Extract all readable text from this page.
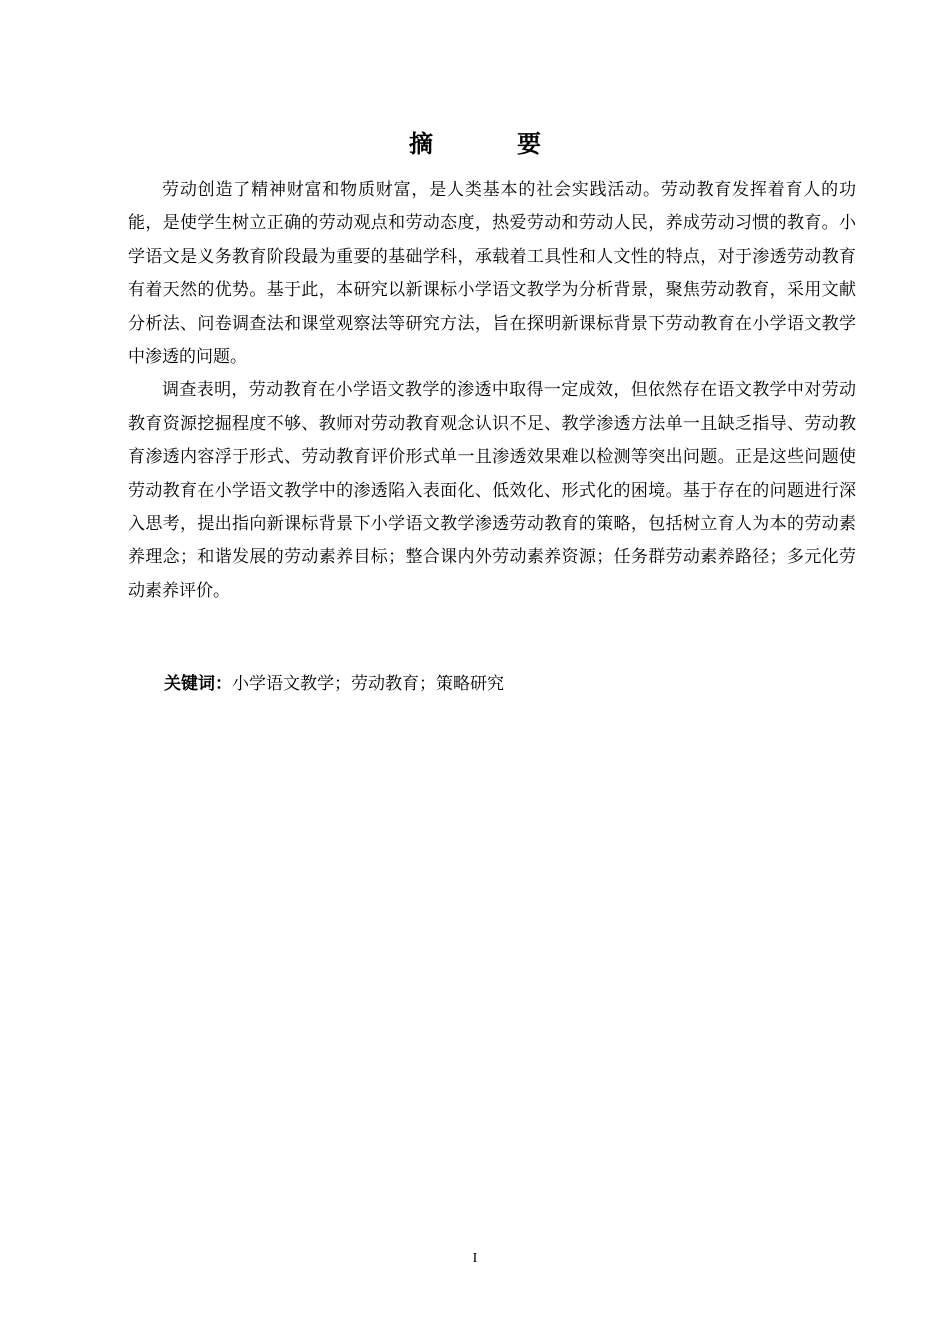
摘　要

劳动创造了精神财富和物质财富，是人类基本的社会实践活动。劳动教育发挥着育人的功能，是使学生树立正确的劳动观点和劳动态度，热爱劳动和劳动人民，养成劳动习惯的教育。小学语文是义务教育阶段最为重要的基础学科，承载着工具性和人文性的特点，对于渗透劳动教育有着天然的优势。基于此，本研究以新课标小学语文教学为分析背景，聚焦劳动教育，采用文献分析法、问卷调查法和课堂观察法等研究方法，旨在探明新课标背景下劳动教育在小学语文教学中渗透的问题。

调查表明，劳动教育在小学语文教学的渗透中取得一定成效，但依然存在语文教学中对劳动教育资源挖掘程度不够、教师对劳动教育观念认识不足、教学渗透方法单一且缺乏指导、劳动教育渗透内容浮于形式、劳动教育评价形式单一且渗透效果难以检测等突出问题。正是这些问题使劳动教育在小学语文教学中的渗透陷入表面化、低效化、形式化的困境。基于存在的问题进行深入思考，提出指向新课标背景下小学语文教学渗透劳动教育的策略，包括树立育人为本的劳动素养理念；和谐发展的劳动素养目标；整合课内外劳动素养资源；任务群劳动素养路径；多元化劳动素养评价。

关键词：小学语文教学；劳动教育；策略研究
I
